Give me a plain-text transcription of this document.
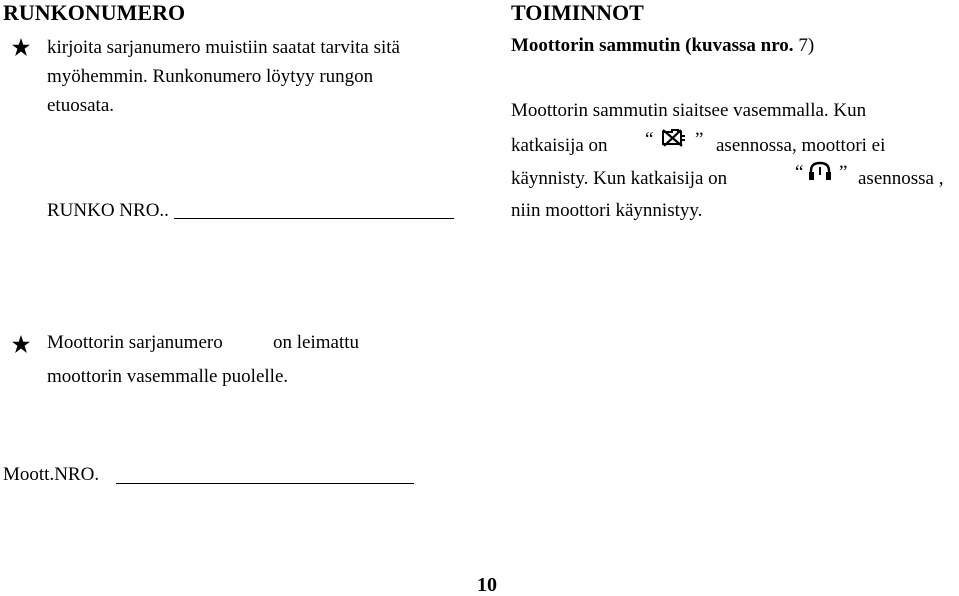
RUNKONUMERO
kirjoita sarjanumero muistiin saatat tarvita sitä
myöhemmin. Runkonumero löytyy rungon
etuosata.
RUNKO NRO..
Moottorin sarjanumero	on leimattu
moottorin vasemmalle puolelle.
Moott.NRO.
TOIMINNOT
Moottorin sammutin (kuvassa nro. 7)
Moottorin sammutin siaitsee vasemmalla. Kun
katkaisija on “ ” asennossa, moottori ei
käynnisty. Kun katkaisija on	“ ” asennossa ,
niin moottori käynnistyy.
10
